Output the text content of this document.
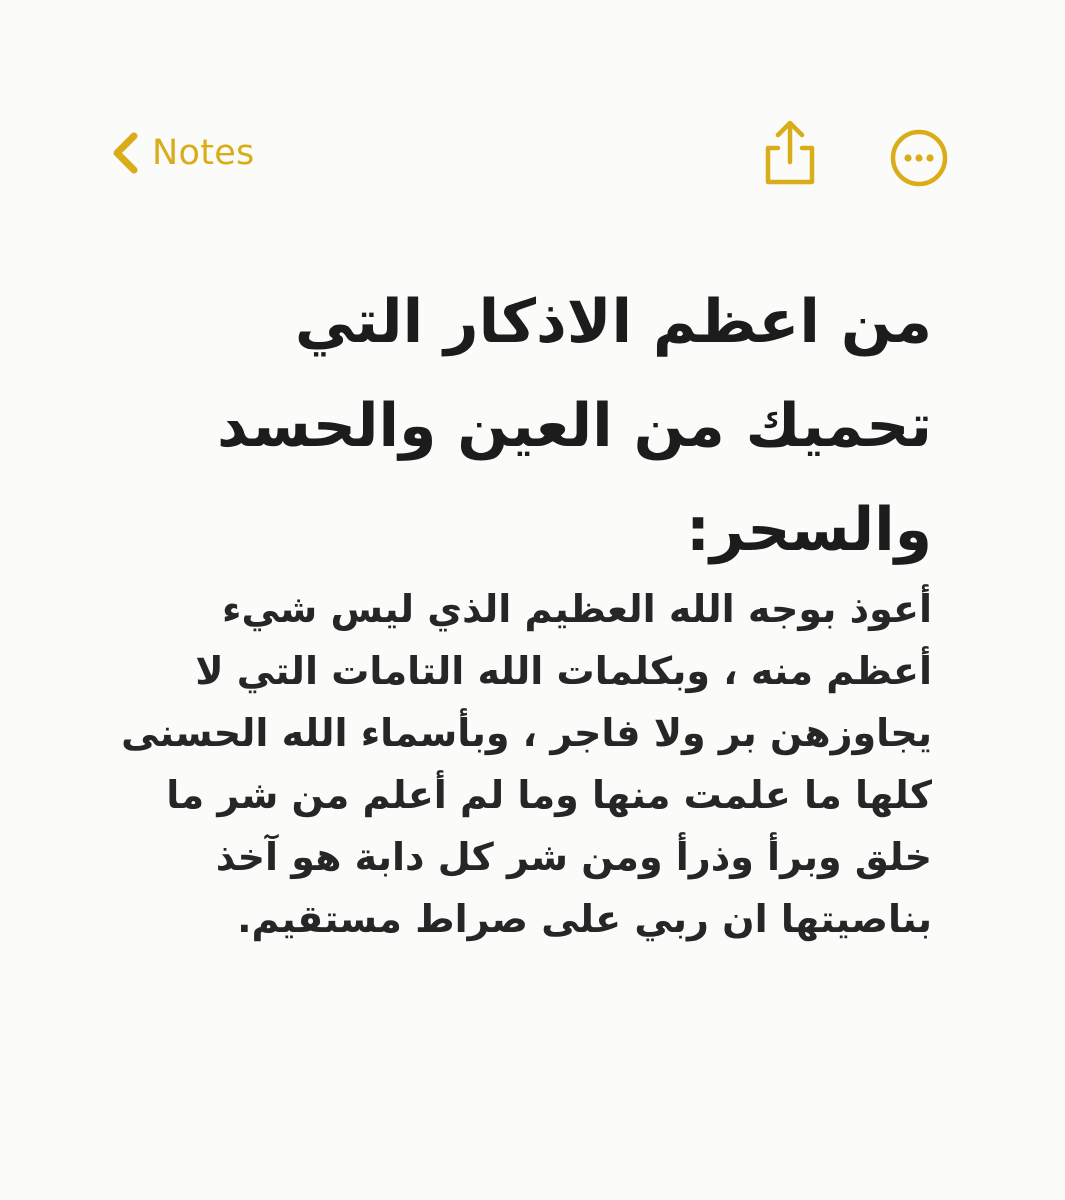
Notes
من اعظم الاذكار التي تحميك من العين والحسد والسحر:

أعوذ بوجه الله العظيم الذي ليس شيء أعظم منه ، وبكلمات الله التامات التي لا يجاوزهن بر ولا فاجر ، وبأسماء الله الحسنى كلها ما علمت منها وما لم أعلم من شر ما خلق وبرأ وذرأ ومن شر كل دابة هو آخذ بناصيتها ان ربي على صراط مستقيم.
